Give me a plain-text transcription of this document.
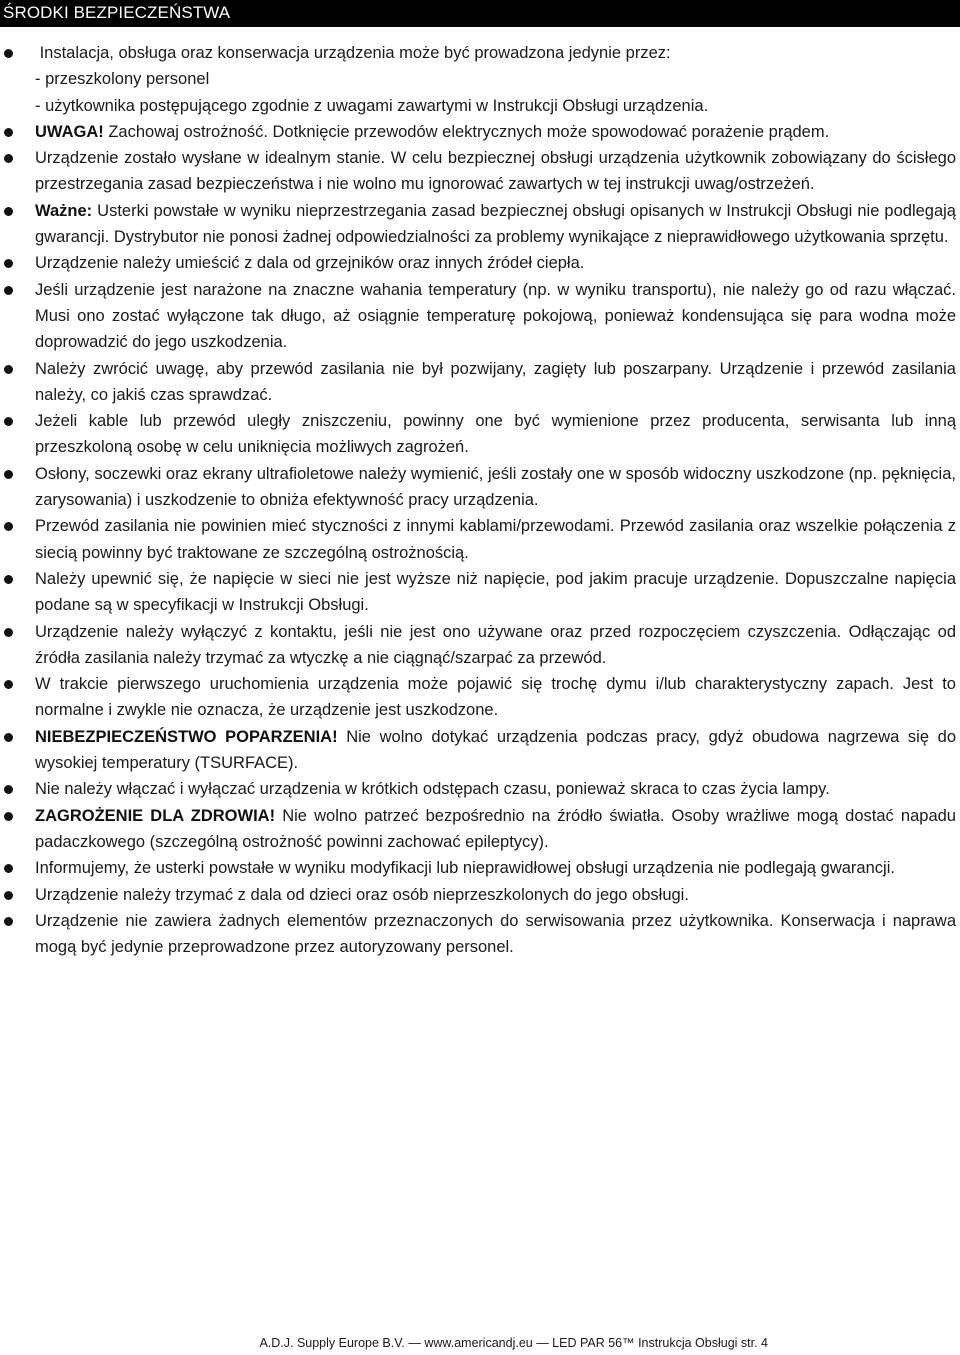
ŚRODKI BEZPIECZEŃSTWA
Instalacja, obsługa oraz konserwacja urządzenia może być prowadzona jedynie przez:
- przeszkolony personel
- użytkownika postępującego zgodnie z uwagami zawartymi w Instrukcji Obsługi urządzenia.
UWAGA! Zachowaj ostrożność. Dotknięcie przewodów elektrycznych może spowodować porażenie prądem.
Urządzenie zostało wysłane w idealnym stanie. W celu bezpiecznej obsługi urządzenia użytkownik zobowiązany do ścisłego przestrzegania zasad bezpieczeństwa i nie wolno mu ignorować zawartych w tej instrukcji uwag/ostrzeżeń.
Ważne: Usterki powstałe w wyniku nieprzestrzegania zasad bezpiecznej obsługi opisanych w Instrukcji Obsługi nie podlegają gwarancji. Dystrybutor nie ponosi żadnej odpowiedzialności za problemy wynikające z nieprawidłowego użytkowania sprzętu.
Urządzenie należy umieścić z dala od grzejników oraz innych źródeł ciepła.
Jeśli urządzenie jest narażone na znaczne wahania temperatury (np. w wyniku transportu), nie należy go od razu włączać. Musi ono zostać wyłączone tak długo, aż osiągnie temperaturę pokojową, ponieważ kondensująca się para wodna może doprowadzić do jego uszkodzenia.
Należy zwrócić uwagę, aby przewód zasilania nie był pozwijany, zagięty lub poszarpany. Urządzenie i przewód zasilania należy, co jakiś czas sprawdzać.
Jeżeli kable lub przewód uległy zniszczeniu, powinny one być wymienione przez producenta, serwisanta lub inną przeszkoloną osobę w celu uniknięcia możliwych zagrożeń.
Osłony, soczewki oraz ekrany ultrafioletowe należy wymienić, jeśli zostały one w sposób widoczny uszkodzone (np. pęknięcia, zarysowania) i uszkodzenie to obniża efektywność pracy urządzenia.
Przewód zasilania nie powinien mieć styczności z innymi kablami/przewodami. Przewód zasilania oraz wszelkie połączenia z siecią powinny być traktowane ze szczególną ostrożnością.
Należy upewnić się, że napięcie w sieci nie jest wyższe niż napięcie, pod jakim pracuje urządzenie. Dopuszczalne napięcia podane są w specyfikacji w Instrukcji Obsługi.
Urządzenie należy wyłączyć z kontaktu, jeśli nie jest ono używane oraz przed rozpoczęciem czyszczenia. Odłączając od źródła zasilania należy trzymać za wtyczkę a nie ciągnąć/szarpać za przewód.
W trakcie pierwszego uruchomienia urządzenia może pojawić się trochę dymu i/lub charakterystyczny zapach. Jest to normalne i zwykle nie oznacza, że urządzenie jest uszkodzone.
NIEBEZPIECZEŃSTWO POPARZENIA! Nie wolno dotykać urządzenia podczas pracy, gdyż obudowa nagrzewa się do wysokiej temperatury (TSURFACE).
Nie należy włączać i wyłączać urządzenia w krótkich odstępach czasu, ponieważ skraca to czas życia lampy.
ZAGROŻENIE DLA ZDROWIA! Nie wolno patrzeć bezpośrednio na źródło światła. Osoby wrażliwe mogą dostać napadu padaczkowego (szczególną ostrożność powinni zachować epileptycy).
Informujemy, że usterki powstałe w wyniku modyfikacji lub nieprawidłowej obsługi urządzenia nie podlegają gwarancji.
Urządzenie należy trzymać z dala od dzieci oraz osób nieprzeszkolonych do jego obsługi.
Urządzenie nie zawiera żadnych elementów przeznaczonych do serwisowania przez użytkownika. Konserwacja i naprawa mogą być jedynie przeprowadzone przez autoryzowany personel.
A.D.J. Supply Europe B.V. — www.americandj.eu — LED PAR 56™ Instrukcja Obsługi str. 4
